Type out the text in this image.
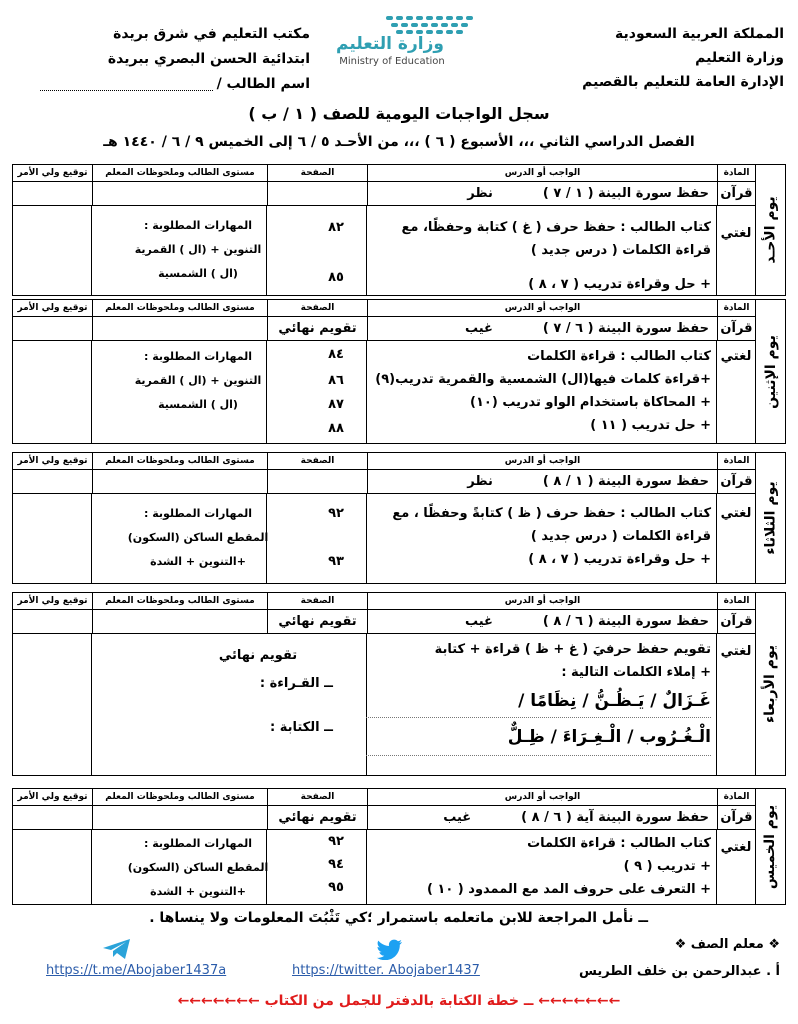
المملكة العربية السعودية
وزارة التعليم
الإدارة العامة للتعليم بالقصيم
وزارة التعليم
Ministry of Education
مكتب التعليم في شرق بريدة
ابتدائية الحسن البصري ببريدة
اسم الطالب /
سجل الواجبات اليومية للصف ( ١ / ب )
الفصل الدراسي الثاني ،،، الأسبوع ( ٦ ) ،،، من الأحـد ٥ / ٦ إلى الخميس ٩ / ٦ / ١٤٤٠ هـ
يوم الأحـد
المادة
الواجب أو الدرس
الصفحة
مستوى الطالب وملحوظات المعلم
توقيع ولي الأمر
قرآن
حفظ سورة البينة ( ١ / ٧ )
نظر
لغتي
كتاب الطالب : حفظ حرف ( غ ) كتابة وحفظًا، مع
قراءة الكلمات ( درس جديد )
+ حل وقراءة تدريب ( ٧ ، ٨ )
٨٢
٨٥
المهارات المطلوبة :
التنوين + (ال ) القمرية
(ال ) الشمسية
يوم الإثنين
المادة
الواجب أو الدرس
الصفحة
مستوى الطالب وملحوظات المعلم
توقيع ولي الأمر
قرآن
حفظ سورة البينة ( ٦ / ٧ )
غيب
تقويم نهائي
لغتي
كتاب الطالب : قراءة الكلمات
+قراءة كلمات فيها(ال) الشمسية والقمرية تدريب(٩)
+ المحاكاة باستخدام الواو تدريب (١٠)
+ حل تدريب ( ١١ )
٨٤
٨٦
٨٧
٨٨
المهارات المطلوبة :
التنوين + (ال ) القمرية
(ال ) الشمسية
يوم الثلاثاء
المادة
الواجب أو الدرس
الصفحة
مستوى الطالب وملحوظات المعلم
توقيع ولي الأمر
قرآن
حفظ سورة البينة ( ١ / ٨ )
نظر
لغتي
كتاب الطالب : حفظ حرف ( ظ ) كتابةً وحفظًا ، مع
قراءة الكلمات ( درس جديد )
+ حل وقراءة تدريب ( ٧ ، ٨ )
٩٢
٩٣
المهارات المطلوبة :
المقطع الساكن (السكون)
+التنوين + الشدة
يوم الأربعاء
المادة
الواجب أو الدرس
الصفحة
مستوى الطالب وملحوظات المعلم
توقيع ولي الأمر
قرآن
حفظ سورة البينة ( ٦ / ٨ )
غيب
تقويم نهائي
لغتي
تقويم حفظ حرفيَ ( غ + ظ ) قراءة + كتابة
+ إملاء الكلمات التالية :
غَـزَالٌ / يَـظُـنُّ / نِظَامًا /
الْـغُـرُوب / الْـغِـرَاءَ / ظِـلٌّ
تقويم نهائي
ــ القـراءة :
ــ الكتابة :
يوم الخميس
المادة
الواجب أو الدرس
الصفحة
مستوى الطالب وملحوظات المعلم
توقيع ولي الأمر
قرآن
حفظ سورة البينة آية ( ٦ / ٨ )
غيب
تقويم نهائي
لغتي
كتاب الطالب : قراءة الكلمات
+ تدريب ( ٩ )
+ التعرف على حروف المد مع الممدود ( ١٠ )
٩٢
٩٤
٩٥
المهارات المطلوبة :
المقطع الساكن (السكون)
+التنوين + الشدة
ــ نأمل المراجعة للابن ماتعلمه باستمرار ؛كي تَثْبُتَ المعلومات ولا ينساها .
❖ معلم الصف ❖
أ . عبدالرحمن بن خلف الطريس
https://twitter. Abojaber1437
https://t.me/Abojaber1437a
←←←←←←← ــ خطة الكتابة بالدفتر للجمل من الكتاب ←←←←←←←
